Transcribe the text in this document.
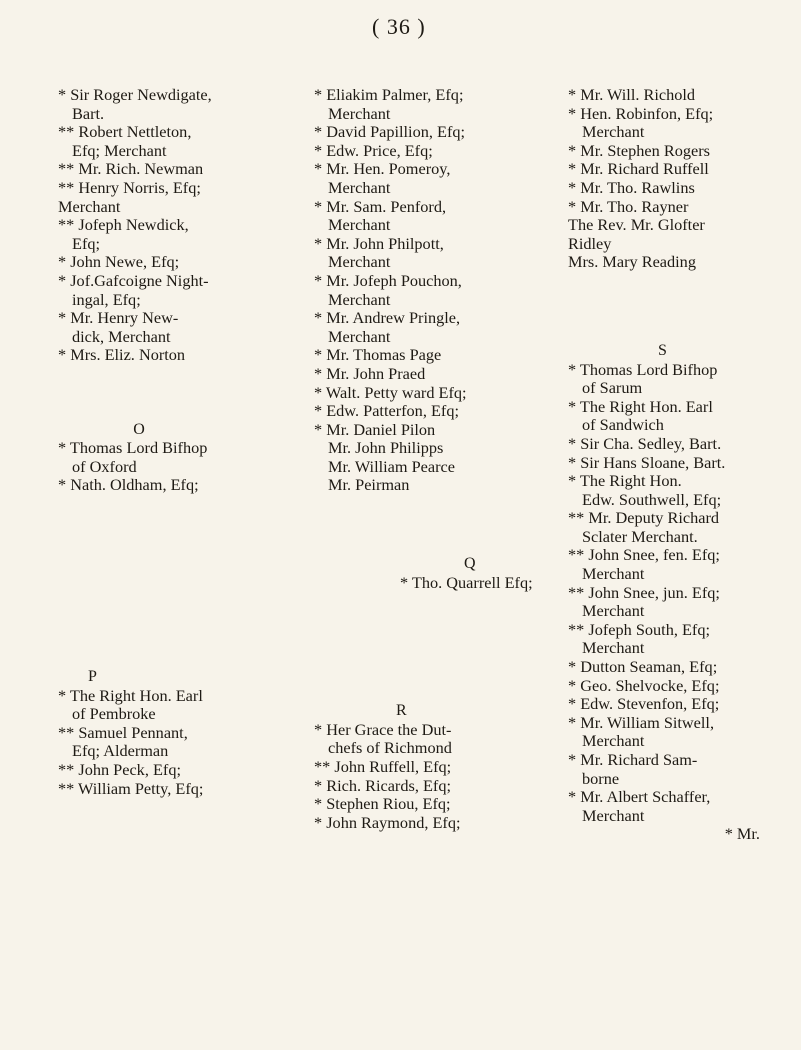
( 36 )

* Sir Roger Newdigate,

Bart.

** Robert Nettleton,

Efq; Merchant

** Mr. Rich. Newman

** Henry Norris, Efq;

Merchant

** Jofeph Newdick,

Efq;

* John Newe, Efq;

* Jof.Gafcoigne Night-

ingal, Efq;

* Mr. Henry New-

dick, Merchant

* Mrs. Eliz. Norton

O

* Thomas Lord Bifhop

of Oxford

* Nath. Oldham, Efq;

P

* The Right Hon. Earl

of Pembroke

** Samuel Pennant,

Efq; Alderman

** John Peck, Efq;

** William Petty, Efq;

* Eliakim Palmer, Efq;

Merchant

* David Papillion, Efq;

* Edw. Price, Efq;

* Mr. Hen. Pomeroy,

Merchant

* Mr. Sam. Penford,

Merchant

* Mr. John Philpott,

Merchant

* Mr. Jofeph Pouchon,

Merchant

* Mr. Andrew Pringle,

Merchant

* Mr. Thomas Page

* Mr. John Praed

* Walt. Petty ward Efq;

* Edw. Patterfon, Efq;

* Mr. Daniel Pilon

Mr. John Philipps

Mr. William Pearce

Mr. Peirman

Q

* Tho. Quarrell Efq;

R

* Her Grace the Dut-

chefs of Richmond

** John Ruffell, Efq;

* Rich. Ricards, Efq;

* Stephen Riou, Efq;

* John Raymond, Efq;

* Mr. Will. Richold

* Hen. Robinfon, Efq;

Merchant

* Mr. Stephen Rogers

* Mr. Richard Ruffell

* Mr. Tho. Rawlins

* Mr. Tho. Rayner

The Rev. Mr. Glofter

Ridley

Mrs. Mary Reading

S

* Thomas Lord Bifhop

of Sarum

* The Right Hon. Earl

of Sandwich

* Sir Cha. Sedley, Bart.

* Sir Hans Sloane, Bart.

* The Right Hon.

Edw. Southwell, Efq;

** Mr. Deputy Richard

Sclater Merchant.

** John Snee, fen. Efq;

Merchant

** John Snee, jun. Efq;

Merchant

** Jofeph South, Efq;

Merchant

* Dutton Seaman, Efq;

* Geo. Shelvocke, Efq;

* Edw. Stevenfon, Efq;

* Mr. William Sitwell,

Merchant

* Mr. Richard Sam-

borne

* Mr. Albert Schaffer,

Merchant

* Mr.
